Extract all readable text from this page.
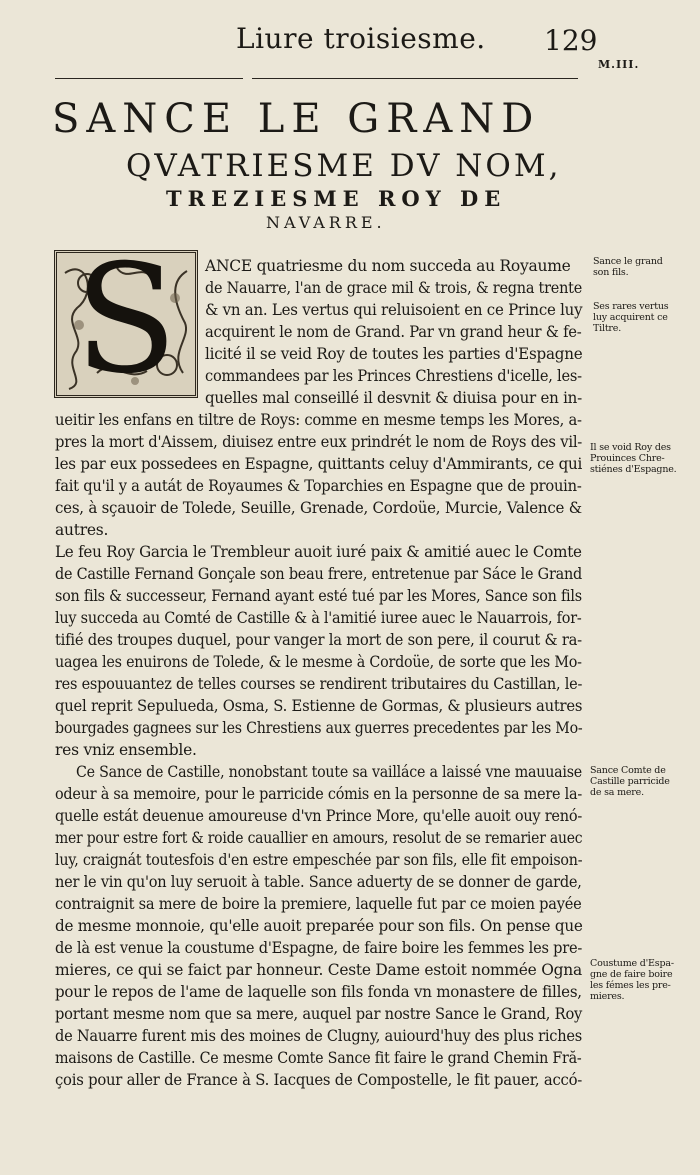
Liure troisiesme. 129
M.III.
SANCE LE GRAND
QVATRIESME DV NOM,
TREZIESME ROY DE
NAVARRE.
S	ANCE quatriesme du nom succeda au Royaume
de Nauarre, l'an de grace mil & trois, & regna trente
& vn an. Les vertus qui reluisoient en ce Prince luy
acquirent le nom de Grand. Par vn grand heur & fe-
licité il se veid Roy de toutes les parties d'Espagne
commandees par les Princes Chrestiens d'icelle, les-
quelles mal conseillé il desvnit & diuisa pour en in-
ueitir les enfans en tiltre de Roys: comme en mesme temps les Mores, a-
pres la mort d'Aissem, diuisez entre eux prindrét le nom de Roys des vil-
les par eux possedees en Espagne, quittants celuy d'Ammirants, ce qui
fait qu'il y a autát de Royaumes & Toparchies en Espagne que de prouin-
ces, à sçauoir de Tolede, Seuille, Grenade, Cordoüe, Murcie, Valence &
autres.
Le feu Roy Garcia le Trembleur auoit iuré paix & amitié auec le Comte
de Castille Fernand Gonçale son beau frere, entretenue par Sáce le Grand
son fils & successeur, Fernand ayant esté tué par les Mores, Sance son fils
luy succeda au Comté de Castille & à l'amitié iuree auec le Nauarrois, for-
tifié des troupes duquel, pour vanger la mort de son pere, il courut & ra-
uagea les enuirons de Tolede, & le mesme à Cordoüe, de sorte que les Mo-
res espouuantez de telles courses se rendirent tributaires du Castillan, le-
quel reprit Sepulueda, Osma, S. Estienne de Gormas, & plusieurs autres
bourgades gagnees sur les Chrestiens aux guerres precedentes par les Mo-
res vniz ensemble.
Ce Sance de Castille, nonobstant toute sa vailláce a laissé vne mauuaise
odeur à sa memoire, pour le parricide cómis en la personne de sa mere la-
quelle estát deuenue amoureuse d'vn Prince More, qu'elle auoit ouy renó-
mer pour estre fort & roide cauallier en amours, resolut de se remarier auec
luy, craignát toutesfois d'en estre empeschée par son fils, elle fit empoison-
ner le vin qu'on luy seruoit à table. Sance aduerty de se donner de garde,
contraignit sa mere de boire la premiere, laquelle fut par ce moien payée
de mesme monnoie, qu'elle auoit preparée pour son fils. On pense que
de là est venue la coustume d'Espagne, de faire boire les femmes les pre-
mieres, ce qui se faict par honneur. Ceste Dame estoit nommée Ogna
pour le repos de l'ame de laquelle son fils fonda vn monastere de filles,
portant mesme nom que sa mere, auquel par nostre Sance le Grand, Roy
de Nauarre furent mis des moines de Clugny, auiourd'huy des plus riches
maisons de Castille. Ce mesme Comte Sance fit faire le grand Chemin Fră-
çois pour aller de France à S. Iacques de Compostelle, le fit pauer, accó-
Sance le grand
son fils.
Ses rares vertus
luy acquirent ce
Tiltre.
Il se void Roy des
Prouinces Chre-
stiénes d'Espagne.
Sance Comte de
Castille parricide
de sa mere.
Coustume d'Espa-
gne de faire boire
les fémes les pre-
mieres.
